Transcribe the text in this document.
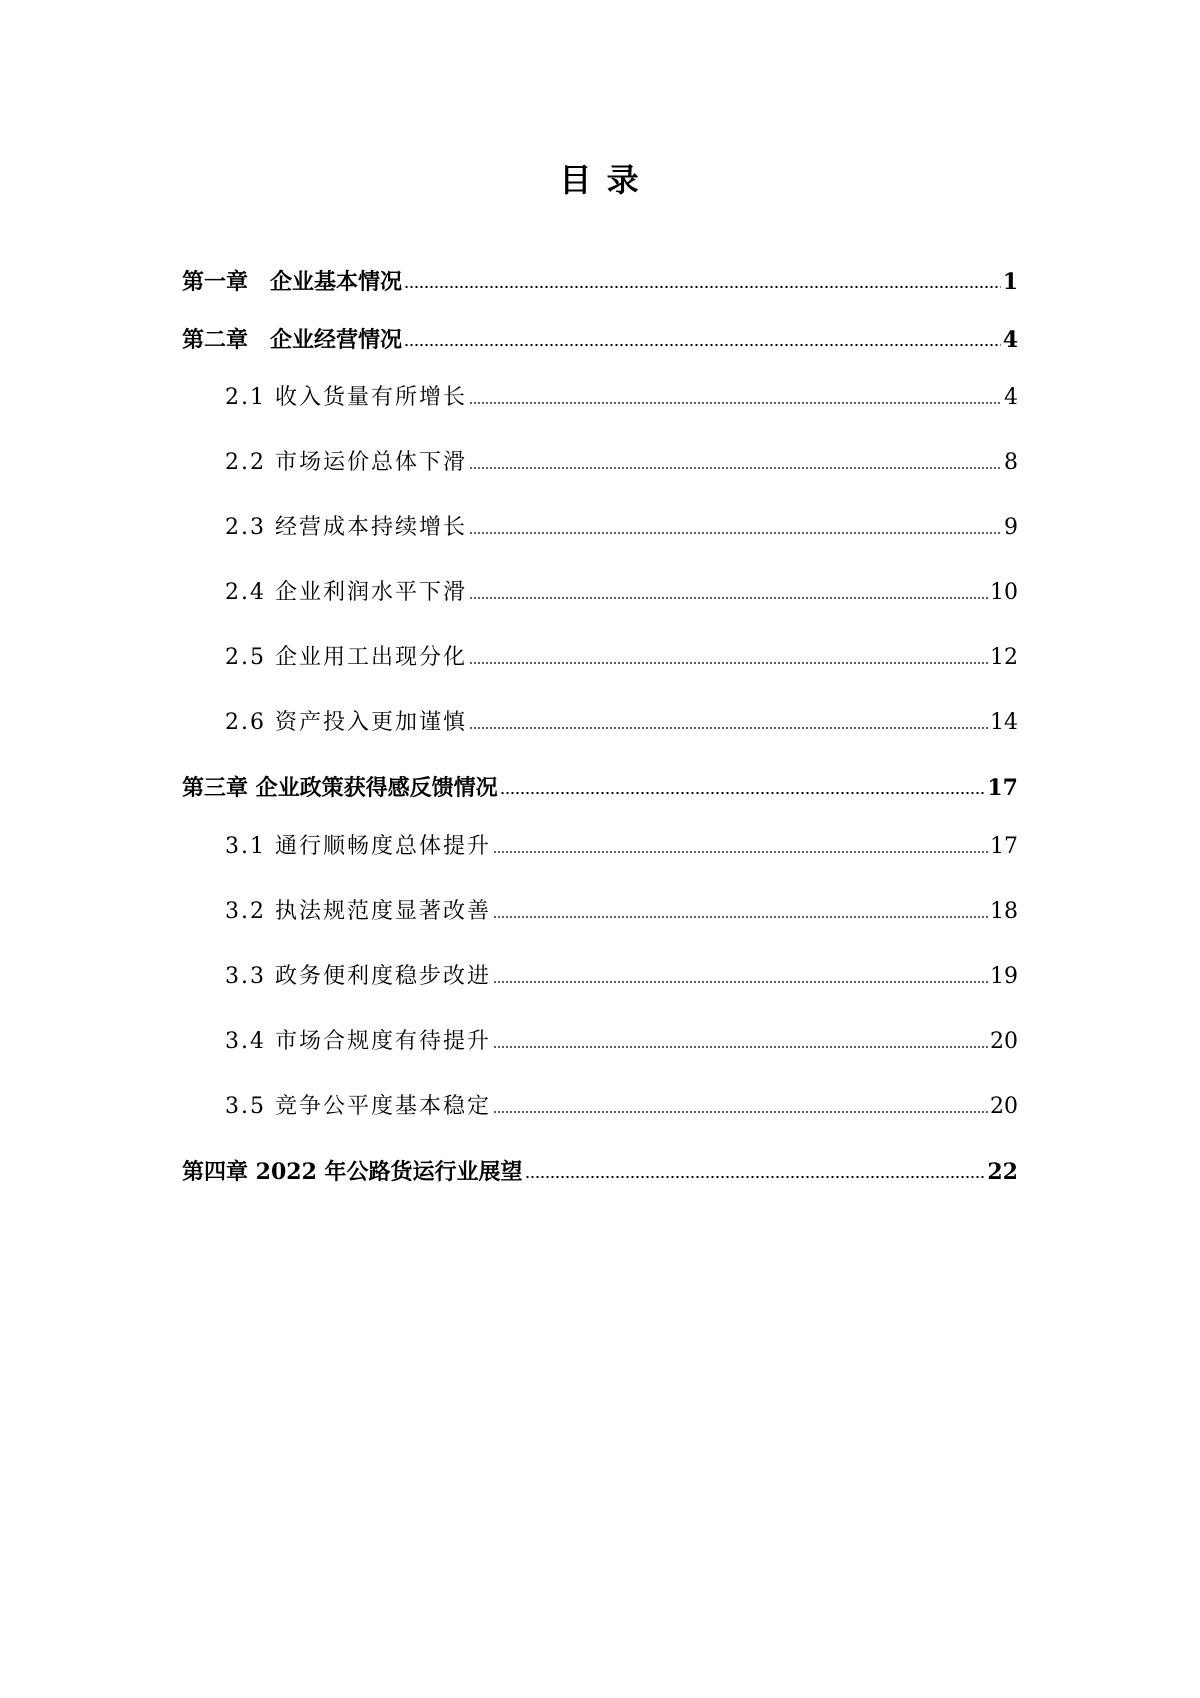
目 录
第一章　企业基本情况	1
第二章　企业经营情况	4
2.1 收入货量有所增长	4
2.2 市场运价总体下滑	8
2.3 经营成本持续增长	9
2.4 企业利润水平下滑	10
2.5 企业用工出现分化	12
2.6 资产投入更加谨慎	14
第三章 企业政策获得感反馈情况	17
3.1 通行顺畅度总体提升	17
3.2 执法规范度显著改善	18
3.3 政务便利度稳步改进	19
3.4 市场合规度有待提升	20
3.5 竞争公平度基本稳定	20
第四章 2022 年公路货运行业展望	22
